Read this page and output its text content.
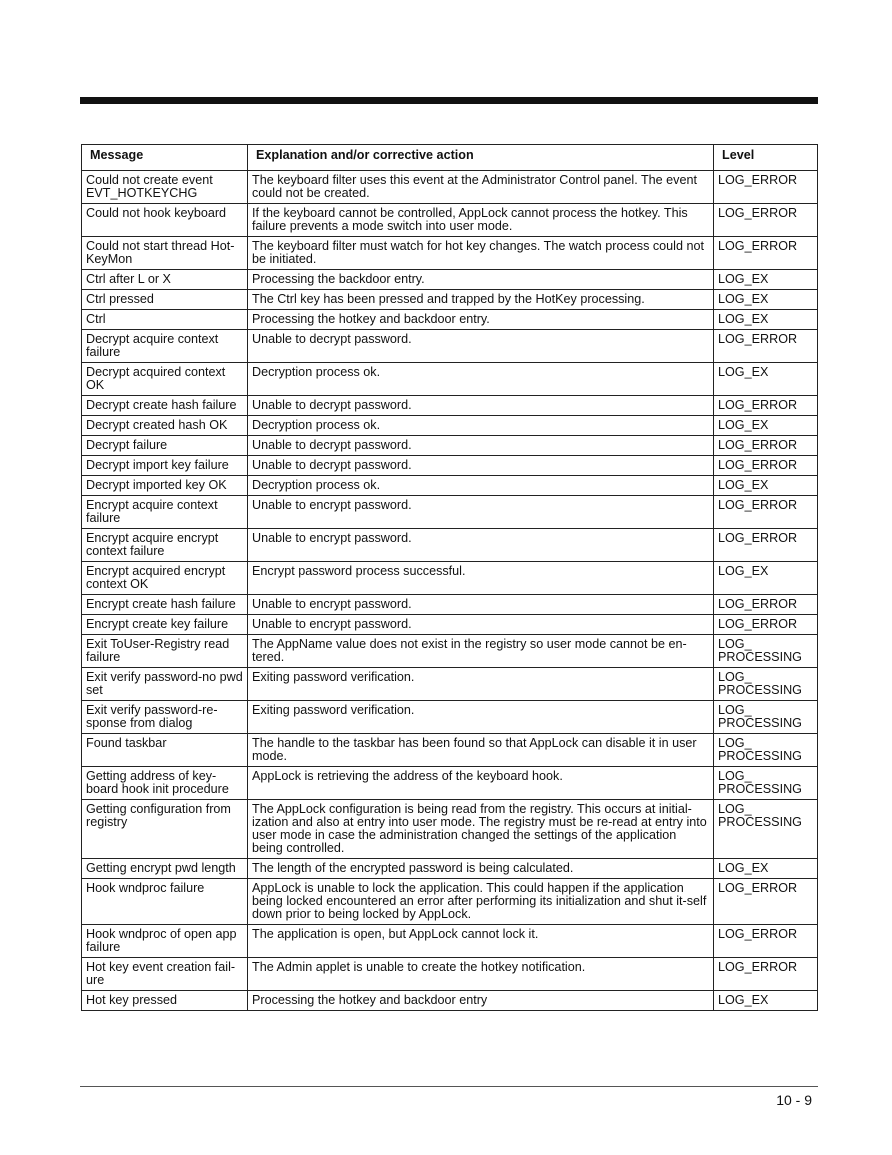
Message	Explanation and/or corrective action	Level
Could not create event EVT_HOTKEYCHG	The keyboard filter uses this event at the Administrator Control panel. The event could not be created.	LOG_ERROR
Could not hook keyboard	If the keyboard cannot be controlled, AppLock cannot process the hotkey. This failure prevents a mode switch into user mode.	LOG_ERROR
Could not start thread Hot-KeyMon	The keyboard filter must watch for hot key changes. The watch process could not be initiated.	LOG_ERROR
Ctrl after L or X	Processing the backdoor entry.	LOG_EX
Ctrl pressed	The Ctrl key has been pressed and trapped by the HotKey processing.	LOG_EX
Ctrl	Processing the hotkey and backdoor entry.	LOG_EX
Decrypt acquire context failure	Unable to decrypt password.	LOG_ERROR
Decrypt acquired context OK	Decryption process ok.	LOG_EX
Decrypt create hash failure	Unable to decrypt password.	LOG_ERROR
Decrypt created hash OK	Decryption process ok.	LOG_EX
Decrypt failure	Unable to decrypt password.	LOG_ERROR
Decrypt import key failure	Unable to decrypt password.	LOG_ERROR
Decrypt imported key OK	Decryption process ok.	LOG_EX
Encrypt acquire context failure	Unable to encrypt password.	LOG_ERROR
Encrypt acquire encrypt context failure	Unable to encrypt password.	LOG_ERROR
Encrypt acquired encrypt context OK	Encrypt password process successful.	LOG_EX
Encrypt create hash failure	Unable to encrypt password.	LOG_ERROR
Encrypt create key failure	Unable to encrypt password.	LOG_ERROR
Exit ToUser-Registry read failure	The AppName value does not exist in the registry so user mode cannot be en-tered.	LOG_ PROCESSING
Exit verify password-no pwd set	Exiting password verification.	LOG_ PROCESSING
Exit verify password-re-sponse from dialog	Exiting password verification.	LOG_ PROCESSING
Found taskbar	The handle to the taskbar has been found so that AppLock can disable it in user mode.	LOG_ PROCESSING
Getting address of key-board hook init procedure	AppLock is retrieving the address of the keyboard hook.	LOG_ PROCESSING
Getting configuration from registry	The AppLock configuration is being read from the registry. This occurs at initial-ization and also at entry into user mode. The registry must be re-read at entry into user mode in case the administration changed the settings of the application being controlled.	LOG_ PROCESSING
Getting encrypt pwd length	The length of the encrypted password is being calculated.	LOG_EX
Hook wndproc failure	AppLock is unable to lock the application. This could happen if the application being locked encountered an error after performing its initialization and shut it-self down prior to being locked by AppLock.	LOG_ERROR
Hook wndproc of open app failure	The application is open, but AppLock cannot lock it.	LOG_ERROR
Hot key event creation fail-ure	The Admin applet is unable to create the hotkey notification.	LOG_ERROR
Hot key pressed	Processing the hotkey and backdoor entry	LOG_EX
10 - 9
